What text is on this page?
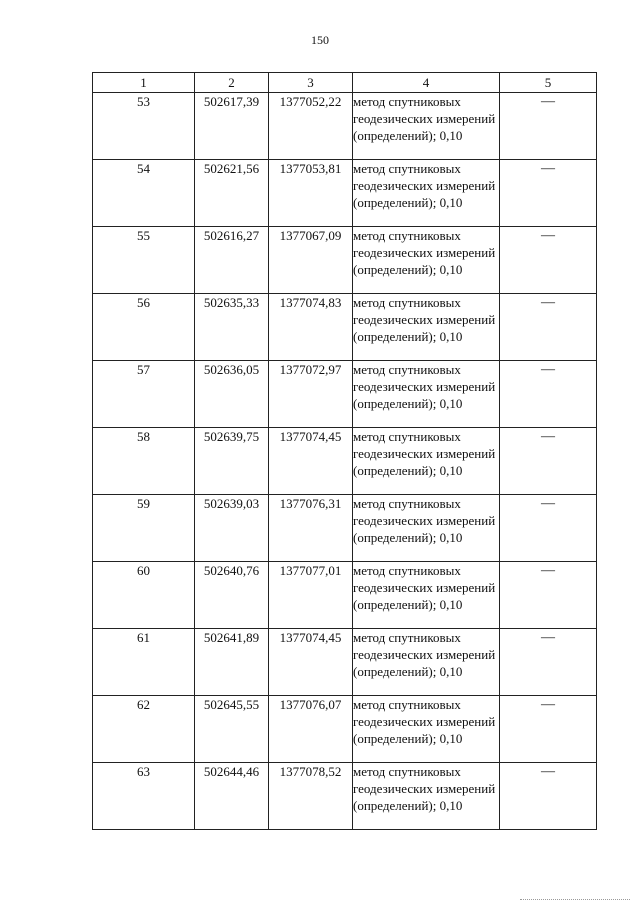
150
1	2	3	4	5
53	502617,39	1377052,22	метод спутниковых геодезических измерений (определений); 0,10	—
54	502621,56	1377053,81	метод спутниковых геодезических измерений (определений); 0,10	—
55	502616,27	1377067,09	метод спутниковых геодезических измерений (определений); 0,10	—
56	502635,33	1377074,83	метод спутниковых геодезических измерений (определений); 0,10	—
57	502636,05	1377072,97	метод спутниковых геодезических измерений (определений); 0,10	—
58	502639,75	1377074,45	метод спутниковых геодезических измерений (определений); 0,10	—
59	502639,03	1377076,31	метод спутниковых геодезических измерений (определений); 0,10	—
60	502640,76	1377077,01	метод спутниковых геодезических измерений (определений); 0,10	—
61	502641,89	1377074,45	метод спутниковых геодезических измерений (определений); 0,10	—
62	502645,55	1377076,07	метод спутниковых геодезических измерений (определений); 0,10	—
63	502644,46	1377078,52	метод спутниковых геодезических измерений (определений); 0,10	—
